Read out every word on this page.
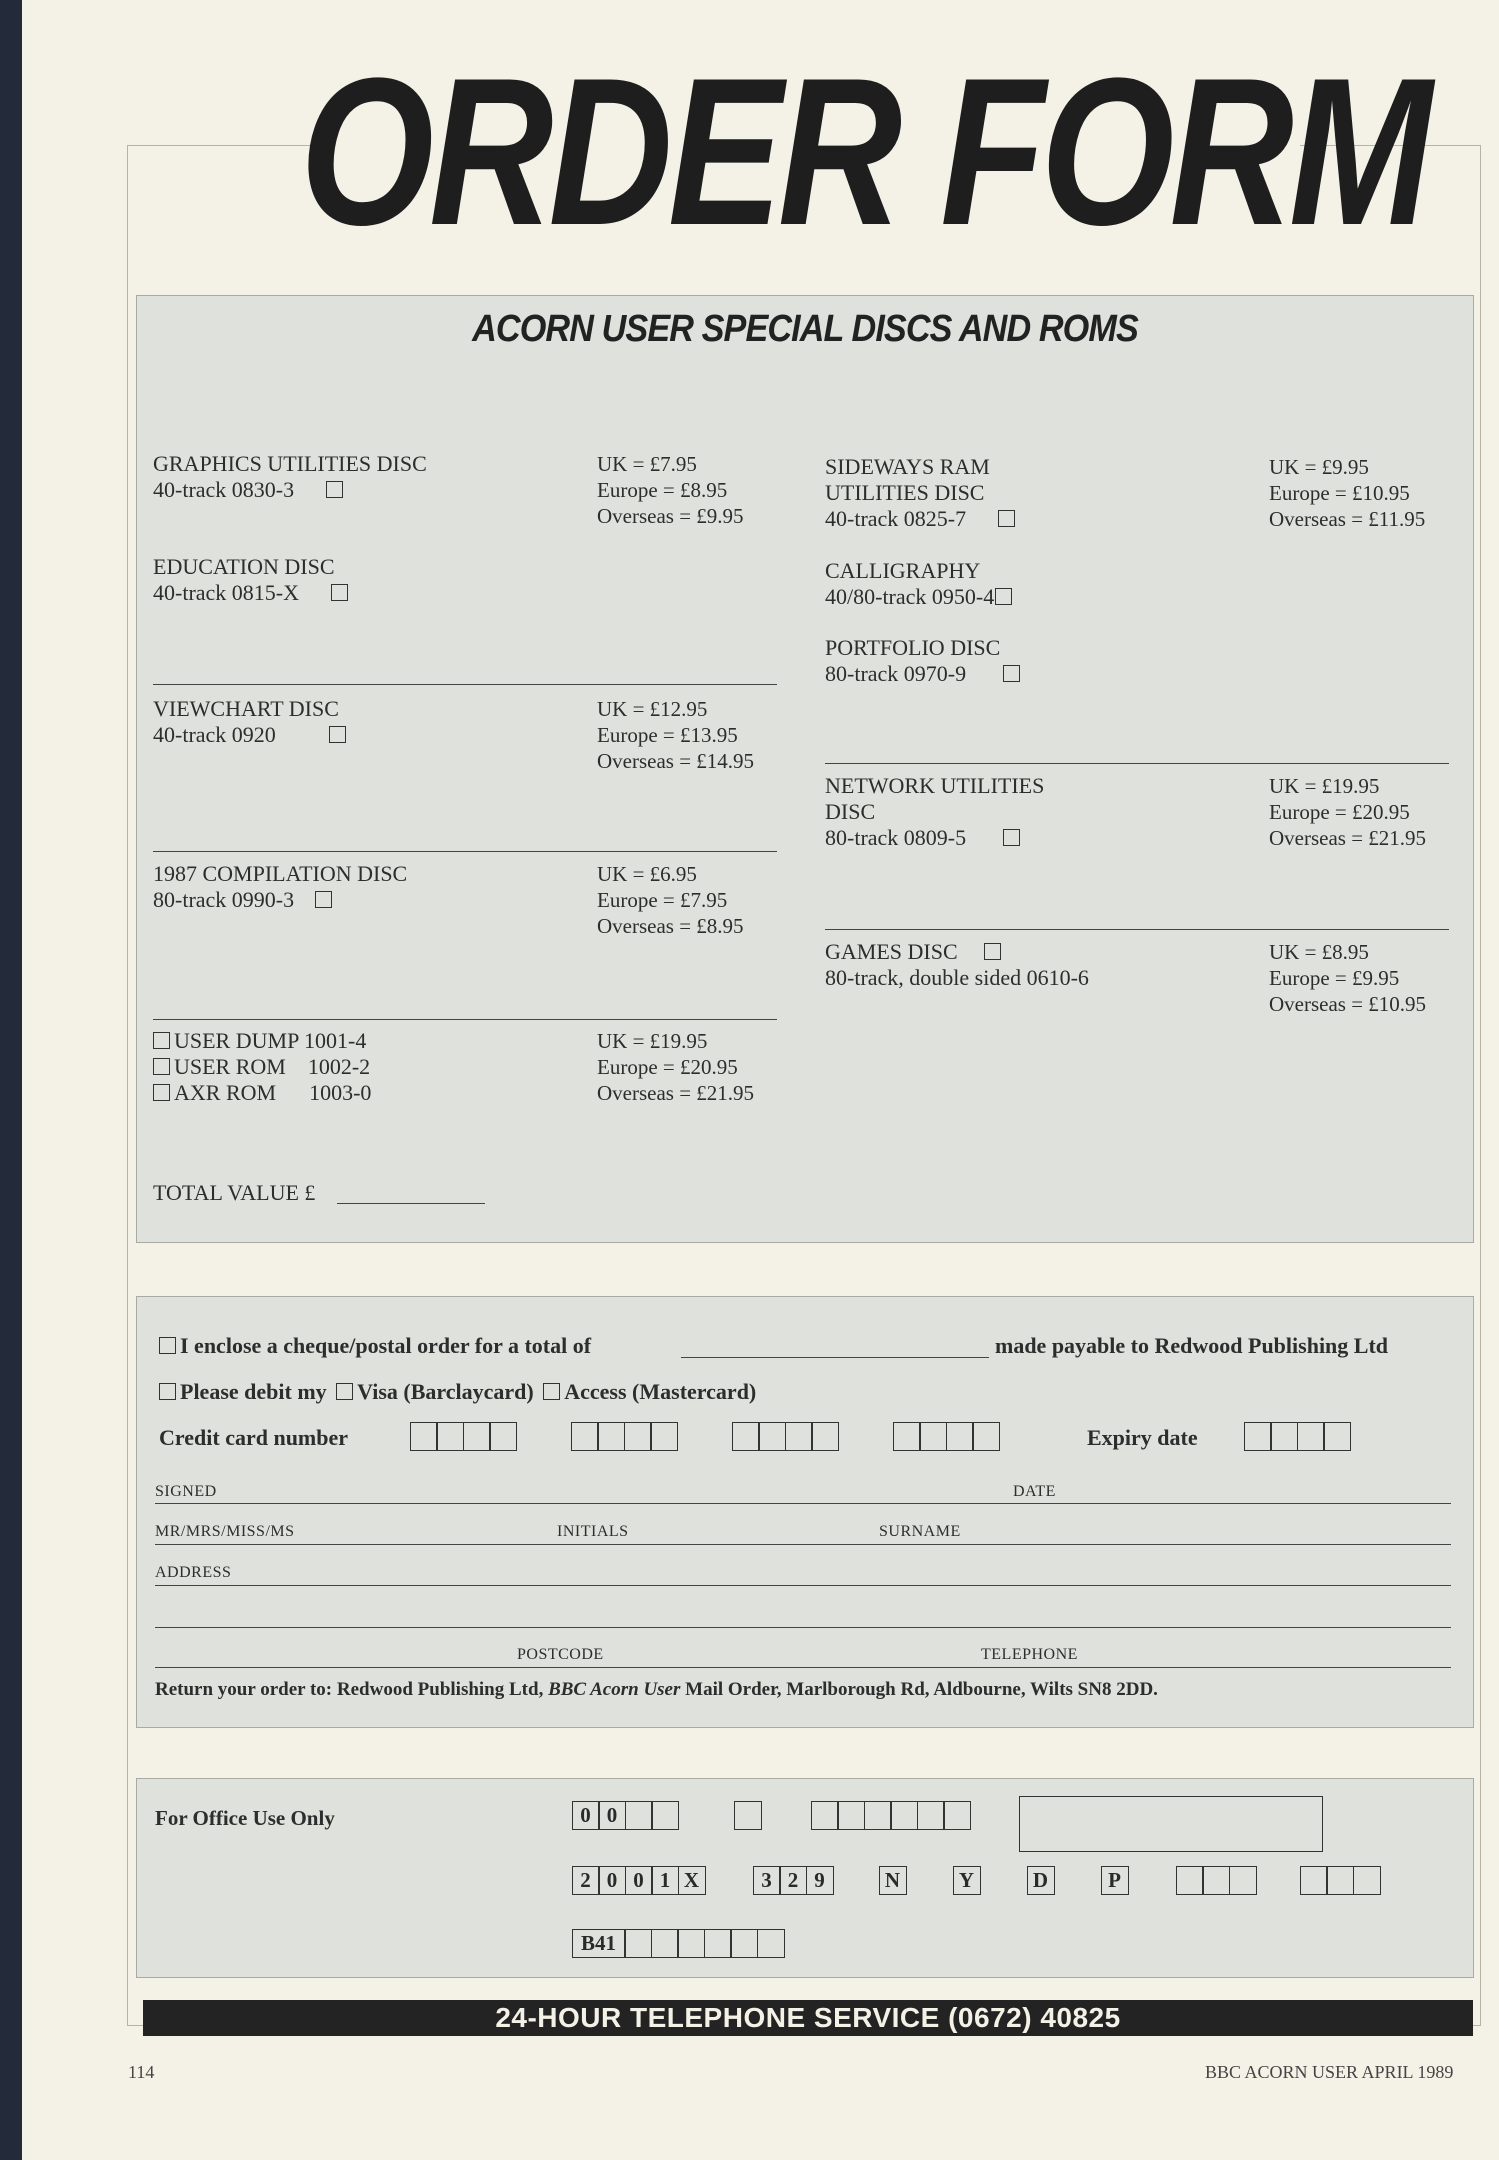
ORDER FORM
ACORN USER SPECIAL DISCS AND ROMS
GRAPHICS UTILITIES DISC
40-track 0830-3
UK = £7.95
Europe = £8.95
Overseas = £9.95
EDUCATION DISC
40-track 0815-X
VIEWCHART DISC
40-track 0920
UK = £12.95
Europe = £13.95
Overseas = £14.95
1987 COMPILATION DISC
80-track 0990-3
UK = £6.95
Europe = £7.95
Overseas = £8.95
USER DUMP 1001-4
USER ROM 1002-2
AXR ROM 1003-0
UK = £19.95
Europe = £20.95
Overseas = £21.95
TOTAL VALUE £
SIDEWAYS RAM
UTILITIES DISC
40-track 0825-7
UK = £9.95
Europe = £10.95
Overseas = £11.95
CALLIGRAPHY
40/80-track 0950-4
PORTFOLIO DISC
80-track 0970-9
NETWORK UTILITIES
DISC
80-track 0809-5
UK = £19.95
Europe = £20.95
Overseas = £21.95
GAMES DISC
80-track, double sided 0610-6
UK = £8.95
Europe = £9.95
Overseas = £10.95
I enclose a cheque/postal order for a total of	made payable to Redwood Publishing Ltd
Please debit my Visa (Barclaycard) Access (Mastercard)
Credit card number	Expiry date
SIGNED	DATE
MR/MRS/MISS/MS	INITIALS	SURNAME
ADDRESS
POSTCODE	TELEPHONE
Return your order to: Redwood Publishing Ltd, BBC Acorn User Mail Order, Marlborough Rd, Aldbourne, Wilts SN8 2DD.
For Office Use Only	0 0
2 0 0 1 X	3 2 9	N	Y	D	P
B41
24-HOUR TELEPHONE SERVICE (0672) 40825
114	BBC ACORN USER APRIL 1989
